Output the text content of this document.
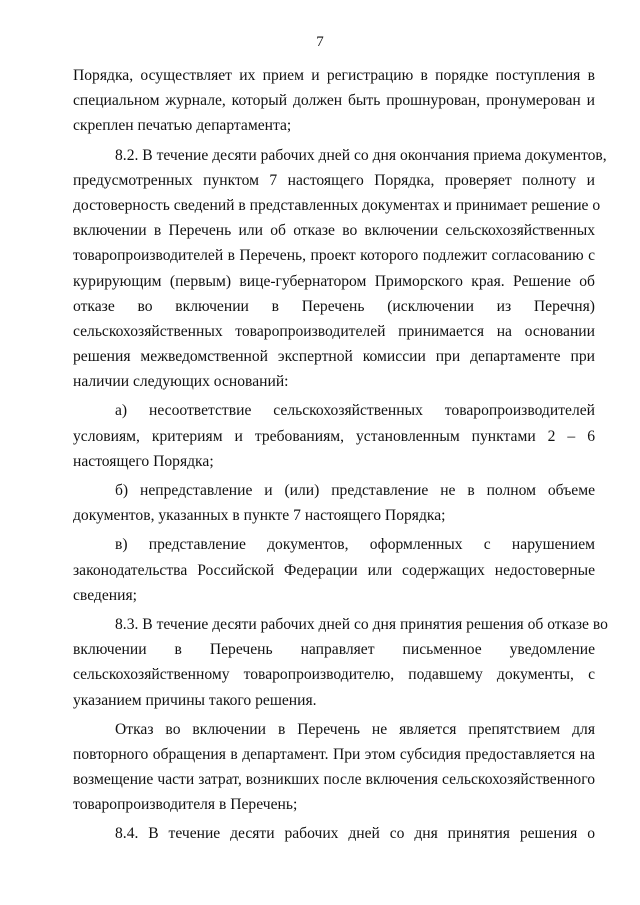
7
Порядка, осуществляет их прием и регистрацию в порядке поступления в
специальном журнале, который должен быть прошнурован, пронумерован и
скреплен печатью департамента;
8.2. В течение десяти рабочих дней со дня окончания приема документов,
предусмотренных пунктом 7 настоящего Порядка, проверяет полноту и
достоверность сведений в представленных документах и принимает решение о
включении в Перечень или об отказе во включении сельскохозяйственных
товаропроизводителей в Перечень, проект которого подлежит согласованию с
курирующим (первым) вице-губернатором Приморского края. Решение об
отказе во включении в Перечень (исключении из Перечня)
сельскохозяйственных товаропроизводителей принимается на основании
решения межведомственной экспертной комиссии при департаменте при
наличии следующих оснований:
а) несоответствие сельскохозяйственных товаропроизводителей
условиям, критериям и требованиям, установленным пунктами 2 – 6
настоящего Порядка;
б) непредставление и (или) представление не в полном объеме
документов, указанных в пункте 7 настоящего Порядка;
в) представление документов, оформленных с нарушением
законодательства Российской Федерации или содержащих недостоверные
сведения;
8.3. В течение десяти рабочих дней со дня принятия решения об отказе во
включении в Перечень направляет письменное уведомление
сельскохозяйственному товаропроизводителю, подавшему документы, с
указанием причины такого решения.
Отказ во включении в Перечень не является препятствием для
повторного обращения в департамент. При этом субсидия предоставляется на
возмещение части затрат, возникших после включения сельскохозяйственного
товаропроизводителя в Перечень;
8.4. В течение десяти рабочих дней со дня принятия решения о
